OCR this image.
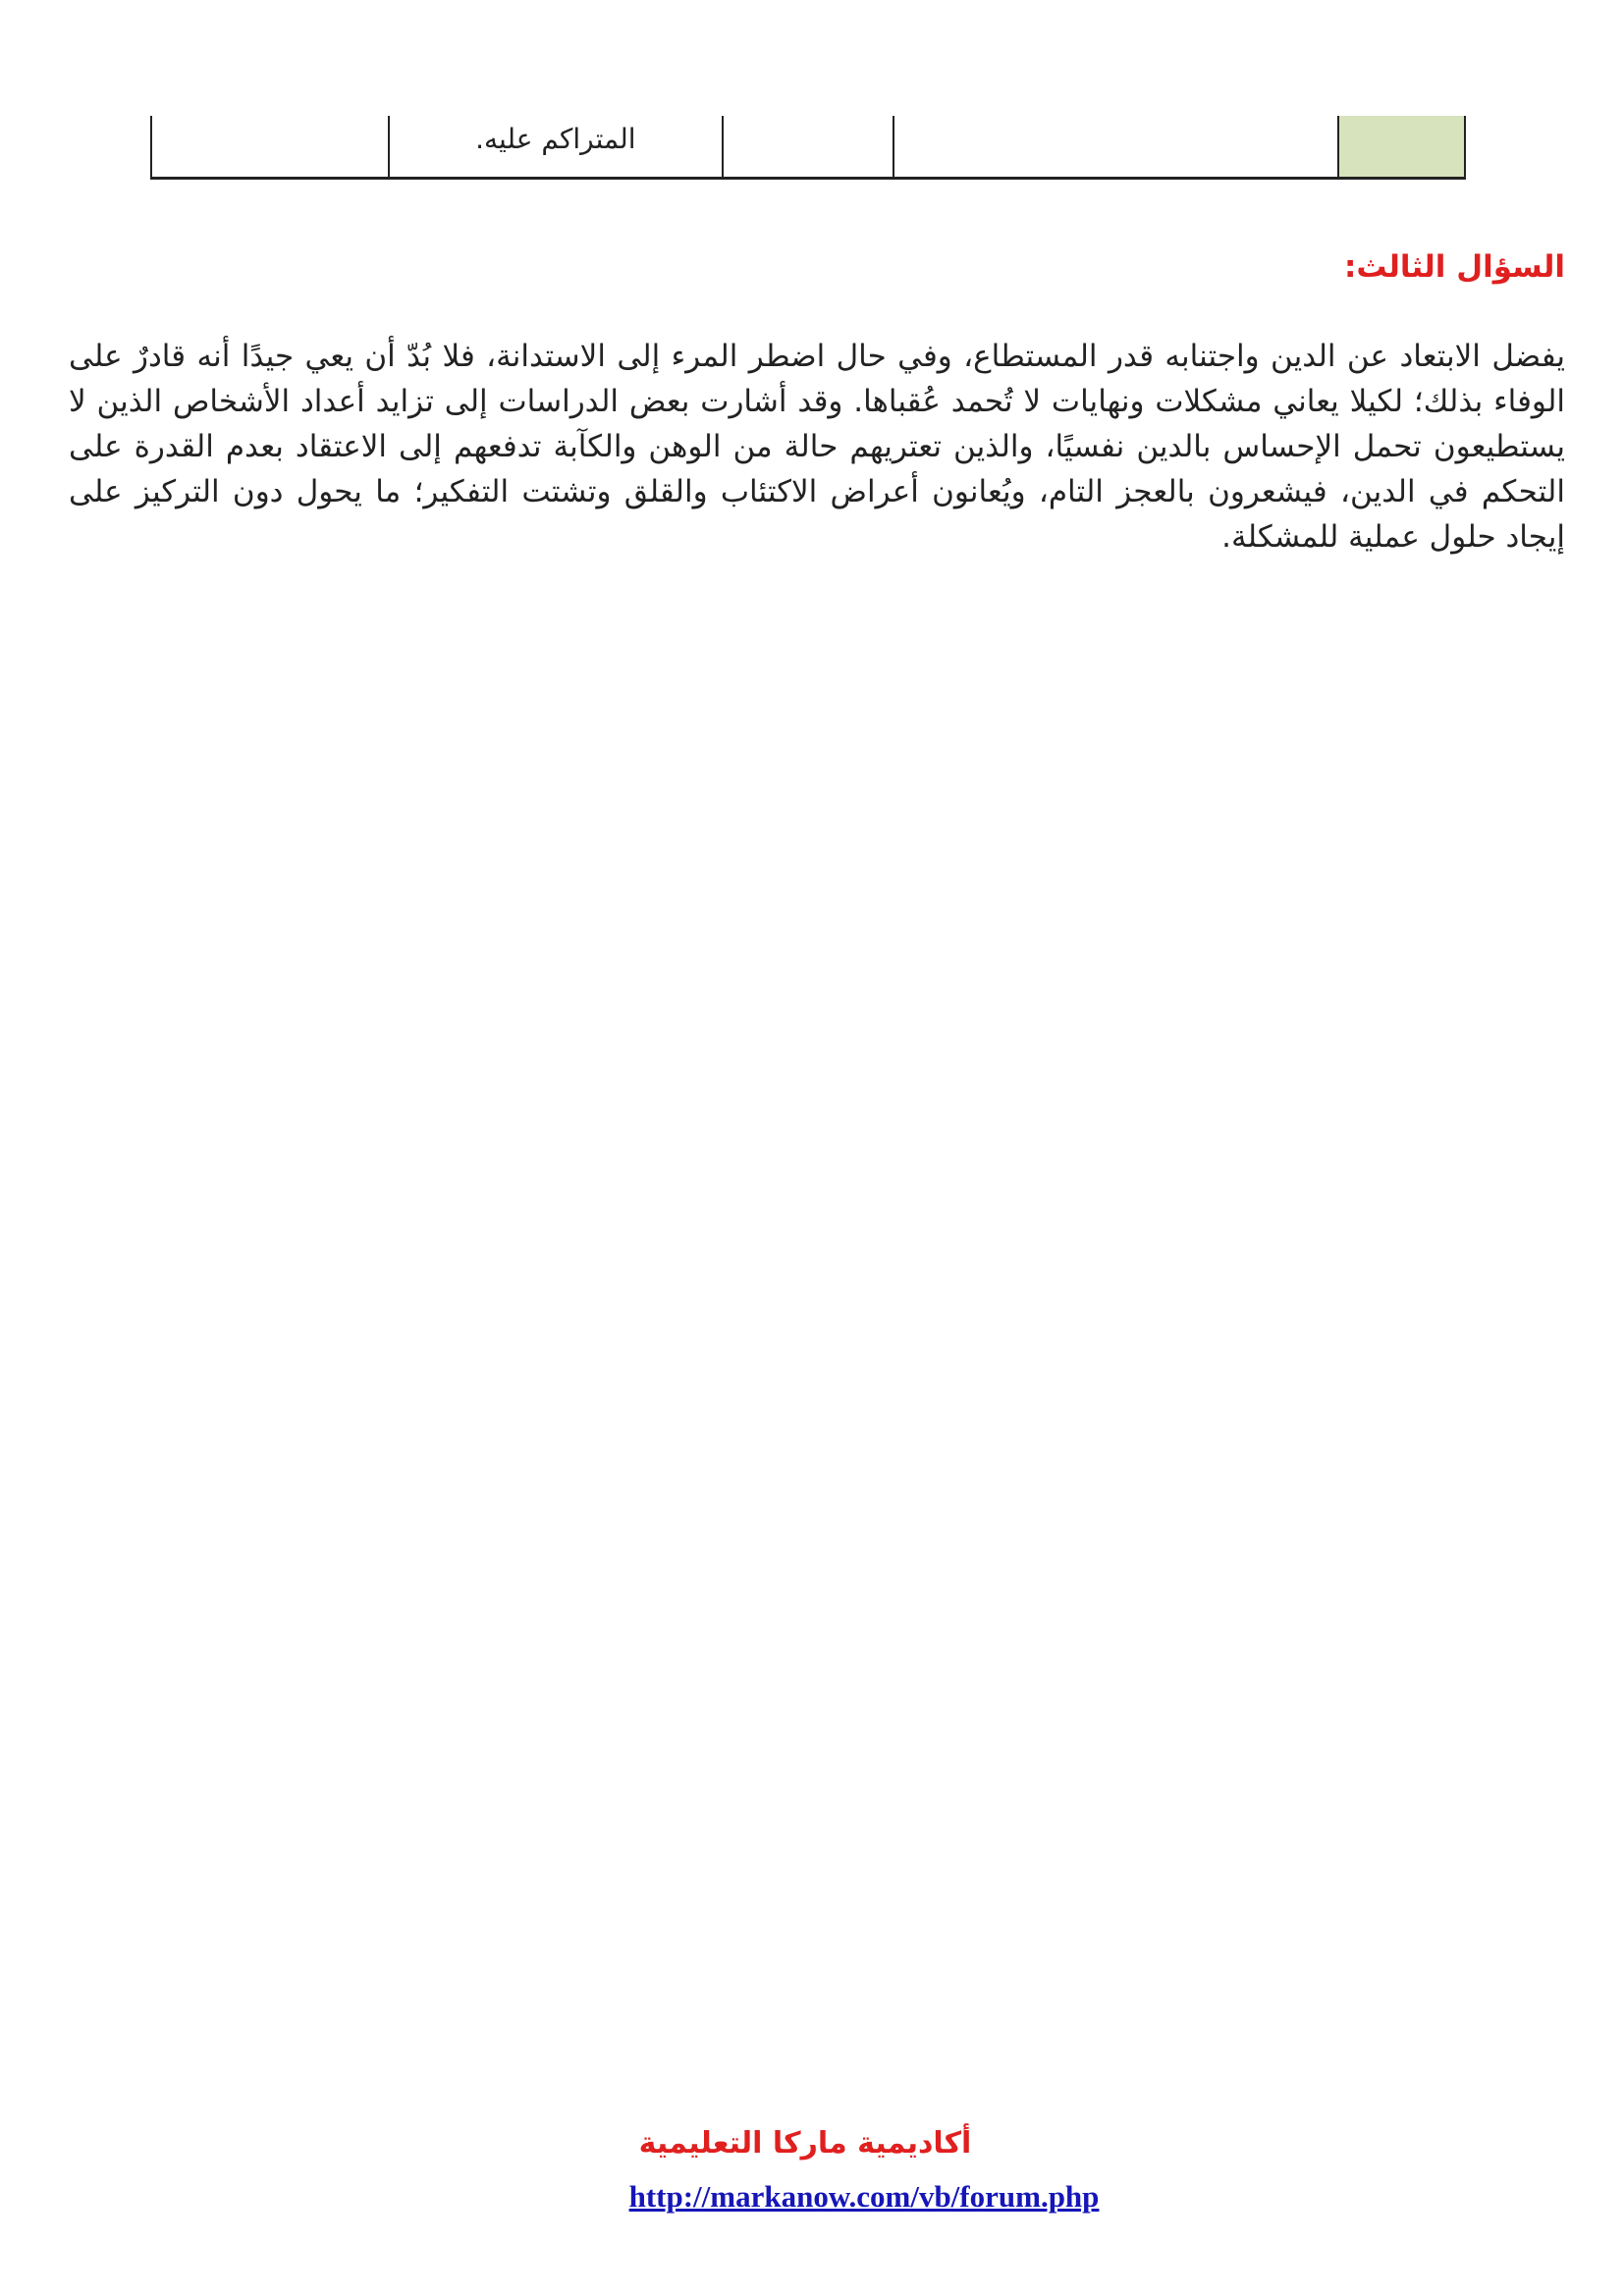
	المتراكم عليه.			
السؤال الثالث:

يفضل الابتعاد عن الدين واجتنابه قدر المستطاع، وفي حال اضطر المرء إلى الاستدانة، فلا بُدّ أن يعي جيدًا أنه قادرٌ على الوفاء بذلك؛ لكيلا يعاني مشكلات ونهايات لا تُحمد عُقباها. وقد أشارت بعض الدراسات إلى تزايد أعداد الأشخاص الذين لا يستطيعون تحمل الإحساس بالدين نفسيًا، والذين تعتريهم حالة من الوهن والكآبة تدفعهم إلى الاعتقاد بعدم القدرة على التحكم في الدين، فيشعرون بالعجز التام، ويُعانون أعراض الاكتئاب والقلق وتشتت التفكير؛ ما يحول دون التركيز على إيجاد حلول عملية للمشكلة.

أكاديمية ماركا التعليمية
http://markanow.com/vb/forum.php
